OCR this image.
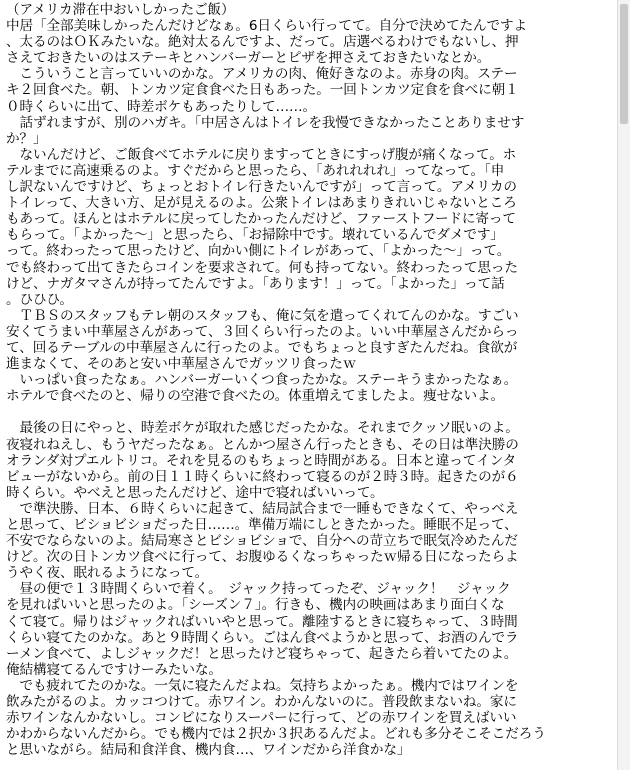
（アメリカ滞在中おいしかったご飯）
中居「全部美味しかったんだけどなぁ。6日くらい行ってて。自分で決めてたんですよ
、太るのはＯＫみたいな。絶対太るんですよ、だって。店選べるわけでもないし、押
さえておきたいのはステーキとハンバーガーとピザを押さえておきたいなとか。
　こういうこと言っていいのかな。アメリカの肉、俺好きなのよ。赤身の肉。ステー
キ２回食べた。朝、トンカツ定食食べた日もあった。一回トンカツ定食を食べに朝１
０時くらいに出て、時差ボケもあったりして……。
　話ずれますが、別のハガキ。「中居さんはトイレを我慢できなかったことありませす
か？」
　ないんだけど、ご飯食べてホテルに戻りますってときにすっげ腹が痛くなって。ホ
テルまでに高速乗るのよ。すぐだからと思ったら、「あれれれれ」ってなって。「申
し訳ないんですけど、ちょっとおトイレ行きたいんですが」って言って。アメリカの
トイレって、大きい方、足が見えるのよ。公衆トイレはあまりきれいじゃないところ
もあって。ほんとはホテルに戻ってしたかったんだけど、ファーストフードに寄って
もらって。「よかった～」と思ったら、「お掃除中です。壊れているんでダメです」
って。終わったって思ったけど、向かい側にトイレがあって、「よかった～」って。
でも終わって出てきたらコインを要求されて。何も持ってない。終わったって思った
けど、ナガタマさんが持ってたんですよ。「あります！」って。「よかった」って話
。ひひひ。
　ＴＢＳのスタッフもテレ朝のスタッフも、俺に気を遣ってくれてんのかな。すごい
安くてうまい中華屋さんがあって、３回くらい行ったのよ。いい中華屋さんだからっ
て、回るテーブルの中華屋さんに行ったのよ。でもちょっと良すぎたんだね。食欲が
進まなくて、そのあと安い中華屋さんでガッツリ食ったｗ
　いっぱい食ったなぁ。ハンバーガーいくつ食ったかな。ステーキうまかったなぁ。
ホテルで食べたのと、帰りの空港で食べたの。体重増えてましたよ。痩せないよ。
　最後の日にやっと、時差ボケが取れた感じだったかな。それまでクッソ眠いのよ。
夜寝れねえし、もうヤだったなぁ。とんかつ屋さん行ったときも、その日は準決勝の
オランダ対プエルトリコ。それを見るのもちょっと時間がある。日本と違ってインタ
ビューがないから。前の日１１時くらいに終わって寝るのが２時３時。起きたのが６
時くらい。やべえと思ったんだけど、途中で寝ればいいって。
　で準決勝、日本、６時くらいに起きて、結局試合まで一睡もできなくて、やっべえ
と思って、ビショビショだった日……。準備万端にしときたかった。睡眠不足って、
不安でならないのよ。結局寒さとビショビショで、自分への苛立ちで眠気冷めたんだ
けど。次の日トンカツ食べに行って、お腹ゆるくなっちゃったｗ帰る日になったらよ
うやく夜、眠れるようになって。
　昼の便で１３時間くらいで着く。　ジャック持ってったぞ、ジャック！　ジャック
を見ればいいと思ったのよ。「シーズン７」。行きも、機内の映画はあまり面白くな
くて寝て。帰りはジャックればいいやと思って。離陸するときに寝ちゃって、３時間
くらい寝てたのかな。あと９時間くらい。ごはん食べようかと思って、お酒のんでラ
ーメン食べて、よしジャックだ！と思ったけど寝ちゃって、起きたら着いてたのよ。
俺結構寝てるんですけーみたいな。
　でも疲れてたのかな。一気に寝たんだよね。気持ちよかったぁ。機内ではワインを
飲みたがるのよ。カッコつけて。赤ワイン。わかんないのに。普段飲まないね。家に
赤ワインなんかないし。コンビになりスーパーに行って、どの赤ワインを買えばいい
かわからないんだから。でも機内では２択か３択あるんだよ。どれも多分そこそこだろう
と思いながら。結局和食洋食、機内食…、ワインだから洋食かな」
